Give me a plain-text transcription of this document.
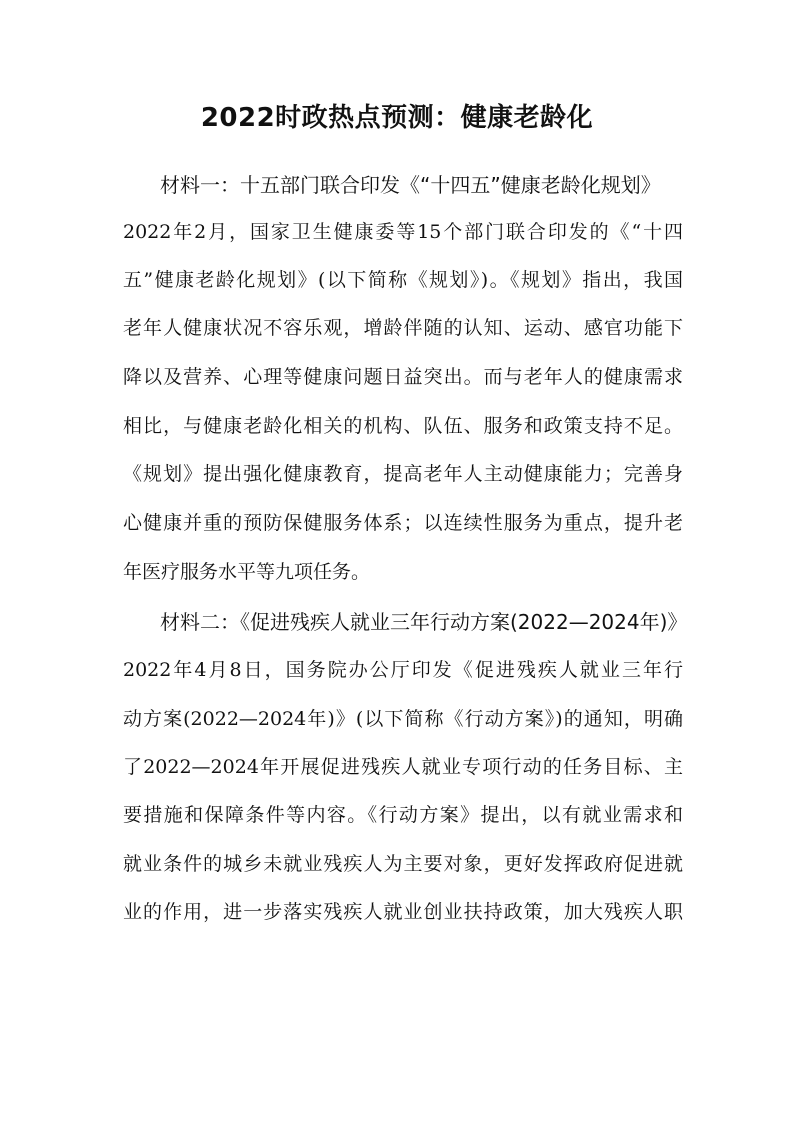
2022时政热点预测：健康老龄化
材料一：十五部门联合印发《“十四五”健康老龄化规划》
2022年2月，国家卫生健康委等15个部门联合印发的《“十四
五”健康老龄化规划》(以下简称《规划》)。《规划》指出，我国
老年人健康状况不容乐观，增龄伴随的认知、运动、感官功能下
降以及营养、心理等健康问题日益突出。而与老年人的健康需求
相比，与健康老龄化相关的机构、队伍、服务和政策支持不足。
《规划》提出强化健康教育，提高老年人主动健康能力；完善身
心健康并重的预防保健服务体系；以连续性服务为重点，提升老
年医疗服务水平等九项任务。
材料二：《促进残疾人就业三年行动方案(2022—2024年)》
2022年4月8日，国务院办公厅印发《促进残疾人就业三年行
动方案(2022—2024年)》(以下简称《行动方案》)的通知，明确
了2022—2024年开展促进残疾人就业专项行动的任务目标、主
要措施和保障条件等内容。《行动方案》提出，以有就业需求和
就业条件的城乡未就业残疾人为主要对象，更好发挥政府促进就
业的作用，进一步落实残疾人就业创业扶持政策，加大残疾人职
